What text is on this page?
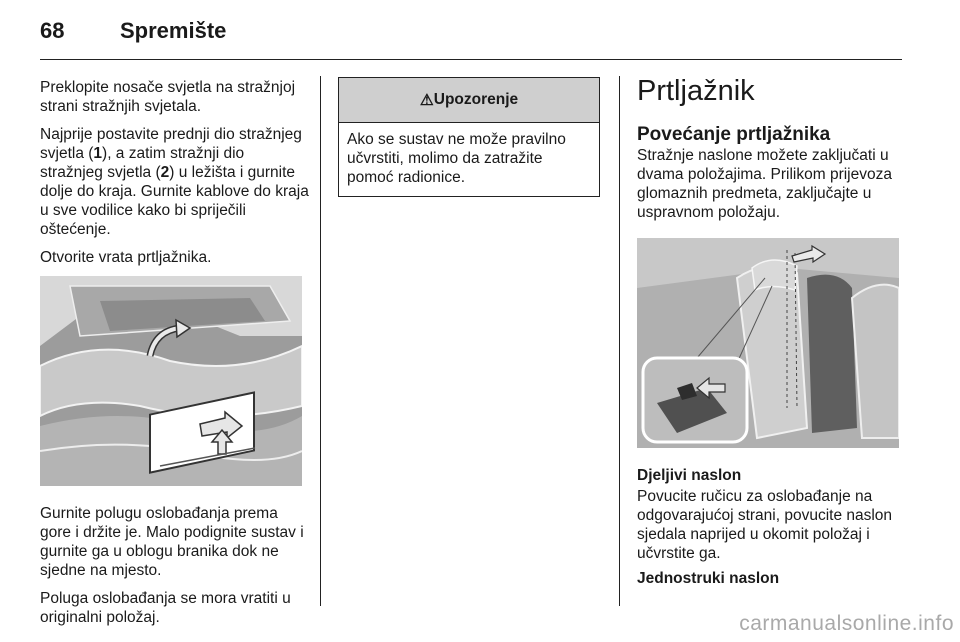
68	Spremište

Preklopite nosače svjetla na stražnjoj strani stražnjih svjetala.

Najprije postavite prednji dio stražnjeg svjetla (1), a zatim stražnji dio stražnjeg svjetla (2) u ležišta i gurnite dolje do kraja. Gurnite kablove do kraja u sve vodilice kako bi spriječili oštećenje.

Otvorite vrata prtljažnika.

Gurnite polugu oslobađanja prema gore i držite je. Malo podignite sustav i gurnite ga u oblogu branika dok ne sjedne na mjesto.

Poluga oslobađanja se mora vratiti u originalni položaj.

⚠ Upozorenje
Ako se sustav ne može pravilno učvrstiti, molimo da zatražite pomoć radionice.
Prtljažnik
Povećanje prtljažnika

Stražnje naslone možete zaključati u dvama položajima. Prilikom prijevoza glomaznih predmeta, zaključajte u uspravnom položaju.

Djeljivi naslon

Povucite ručicu za oslobađanje na odgovarajućoj strani, povucite naslon sjedala naprijed u okomit položaj i učvrstite ga.

Jednostruki naslon

carmanualsonline.info
